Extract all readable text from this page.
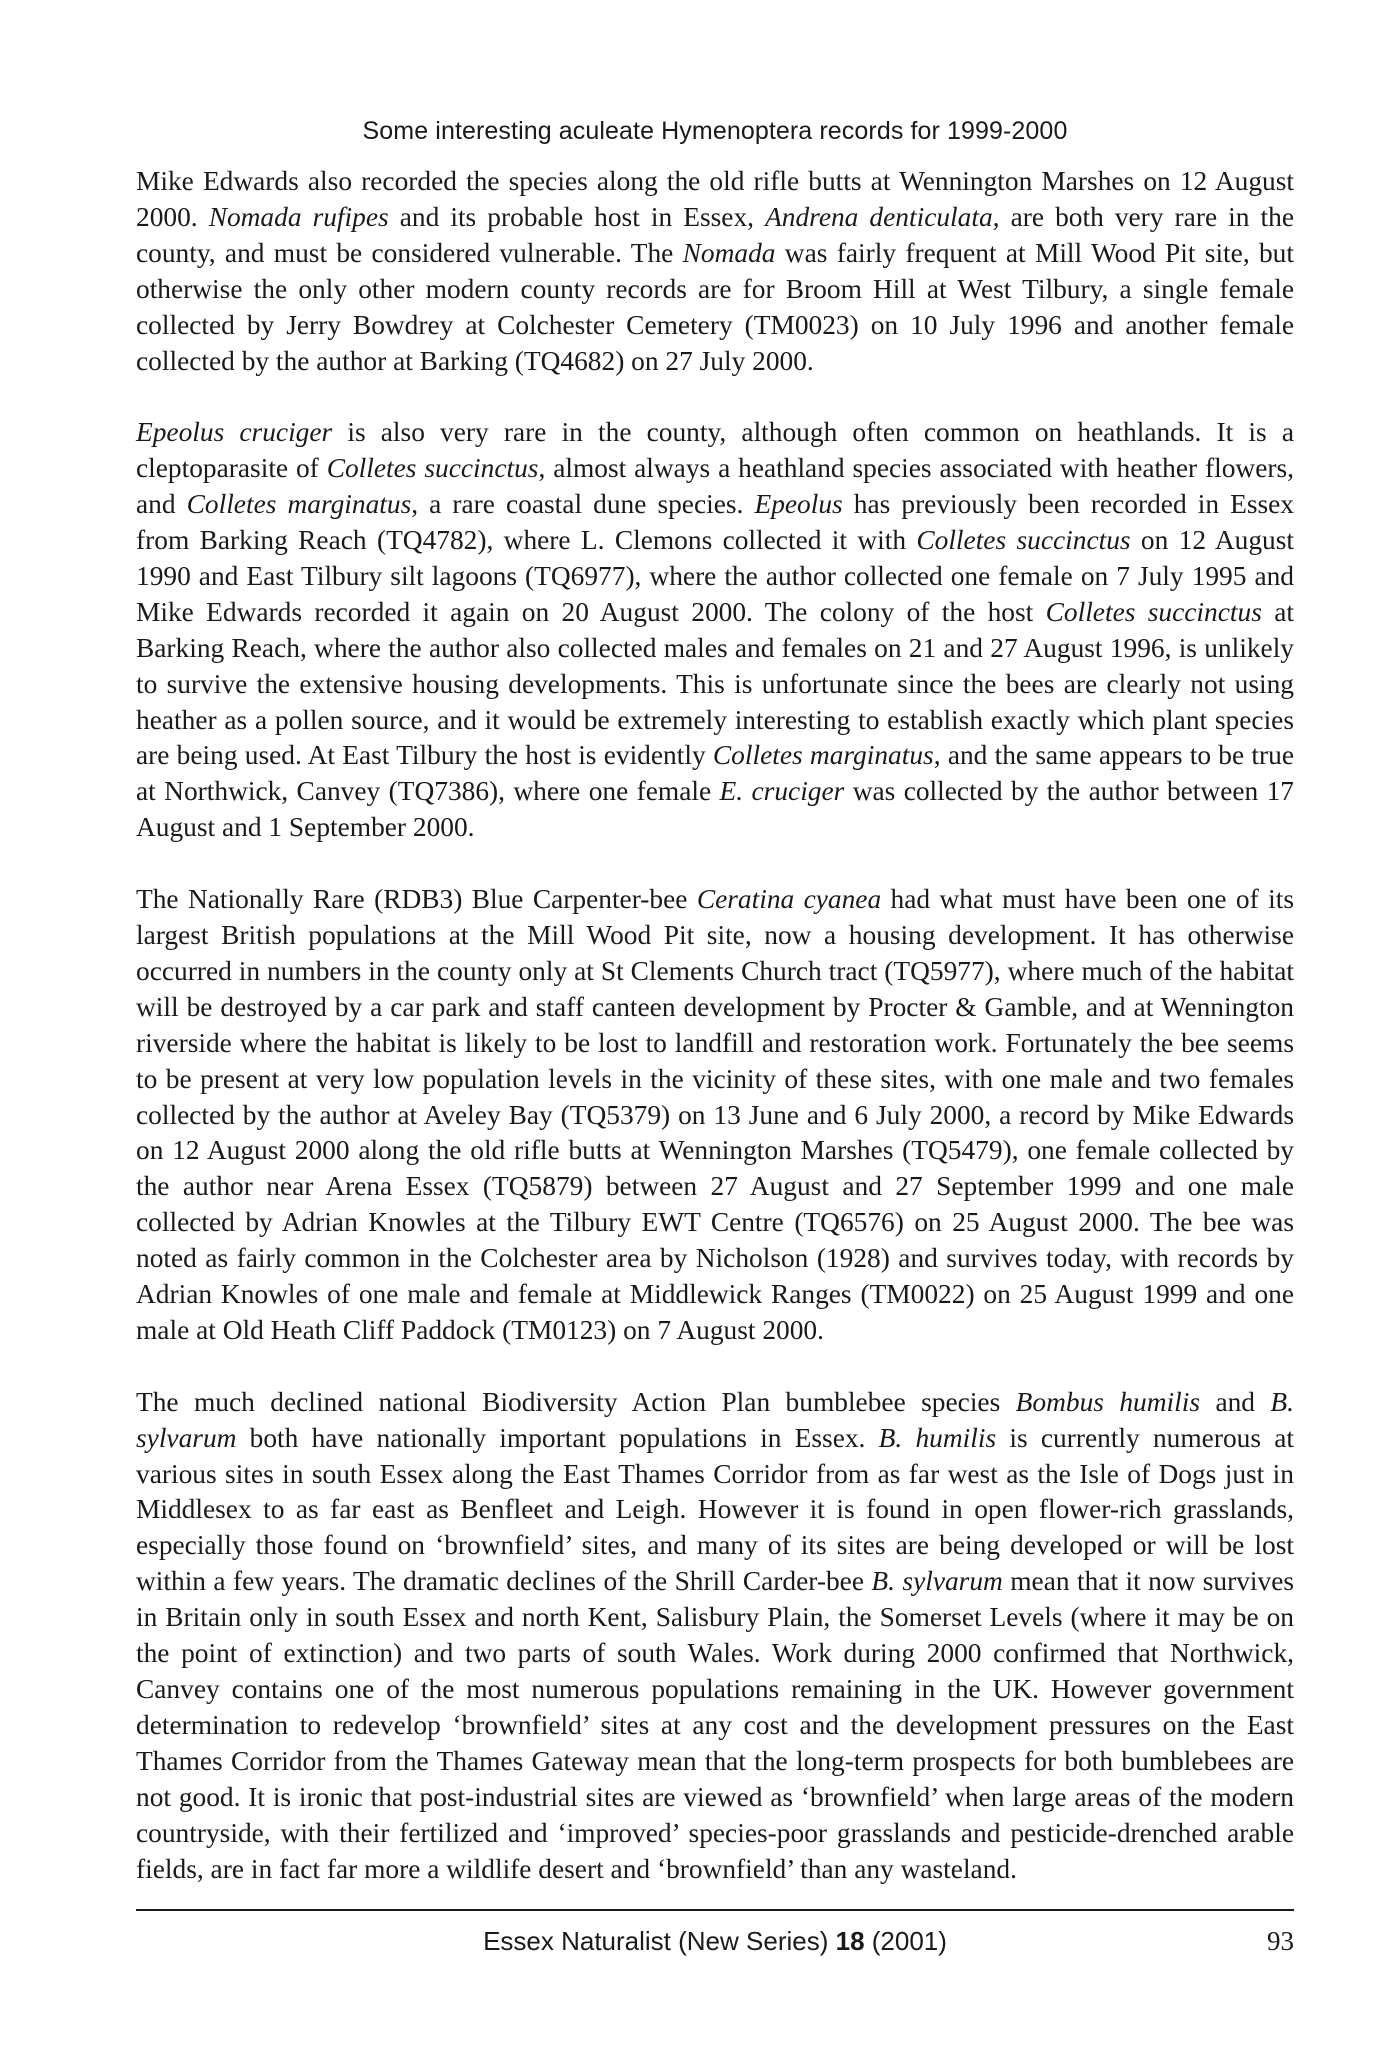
Some interesting aculeate Hymenoptera records for 1999-2000

Mike Edwards also recorded the species along the old rifle butts at Wennington Marshes on 12 August 2000. Nomada rufipes and its probable host in Essex, Andrena denticulata, are both very rare in the county, and must be considered vulnerable. The Nomada was fairly frequent at Mill Wood Pit site, but otherwise the only other modern county records are for Broom Hill at West Tilbury, a single female collected by Jerry Bowdrey at Colchester Cemetery (TM0023) on 10 July 1996 and another female collected by the author at Barking (TQ4682) on 27 July 2000.

Epeolus cruciger is also very rare in the county, although often common on heathlands. It is a cleptoparasite of Colletes succinctus, almost always a heathland species associated with heather flowers, and Colletes marginatus, a rare coastal dune species. Epeolus has previously been recorded in Essex from Barking Reach (TQ4782), where L. Clemons collected it with Colletes succinctus on 12 August 1990 and East Tilbury silt lagoons (TQ6977), where the author collected one female on 7 July 1995 and Mike Edwards recorded it again on 20 August 2000. The colony of the host Colletes succinctus at Barking Reach, where the author also collected males and females on 21 and 27 August 1996, is unlikely to survive the extensive housing developments. This is unfortunate since the bees are clearly not using heather as a pollen source, and it would be extremely interesting to establish exactly which plant species are being used. At East Tilbury the host is evidently Colletes marginatus, and the same appears to be true at Northwick, Canvey (TQ7386), where one female E. cruciger was collected by the author between 17 August and 1 September 2000.

The Nationally Rare (RDB3) Blue Carpenter-bee Ceratina cyanea had what must have been one of its largest British populations at the Mill Wood Pit site, now a housing development. It has otherwise occurred in numbers in the county only at St Clements Church tract (TQ5977), where much of the habitat will be destroyed by a car park and staff canteen development by Procter & Gamble, and at Wennington riverside where the habitat is likely to be lost to landfill and restoration work. Fortunately the bee seems to be present at very low population levels in the vicinity of these sites, with one male and two females collected by the author at Aveley Bay (TQ5379) on 13 June and 6 July 2000, a record by Mike Edwards on 12 August 2000 along the old rifle butts at Wennington Marshes (TQ5479), one female collected by the author near Arena Essex (TQ5879) between 27 August and 27 September 1999 and one male collected by Adrian Knowles at the Tilbury EWT Centre (TQ6576) on 25 August 2000. The bee was noted as fairly common in the Colchester area by Nicholson (1928) and survives today, with records by Adrian Knowles of one male and female at Middlewick Ranges (TM0022) on 25 August 1999 and one male at Old Heath Cliff Paddock (TM0123) on 7 August 2000.

The much declined national Biodiversity Action Plan bumblebee species Bombus humilis and B. sylvarum both have nationally important populations in Essex. B. humilis is currently numerous at various sites in south Essex along the East Thames Corridor from as far west as the Isle of Dogs just in Middlesex to as far east as Benfleet and Leigh. However it is found in open flower-rich grasslands, especially those found on ‘brownfield’ sites, and many of its sites are being developed or will be lost within a few years. The dramatic declines of the Shrill Carder-bee B. sylvarum mean that it now survives in Britain only in south Essex and north Kent, Salisbury Plain, the Somerset Levels (where it may be on the point of extinction) and two parts of south Wales. Work during 2000 confirmed that Northwick, Canvey contains one of the most numerous populations remaining in the UK. However government determination to redevelop ‘brownfield’ sites at any cost and the development pressures on the East Thames Corridor from the Thames Gateway mean that the long-term prospects for both bumblebees are not good. It is ironic that post-industrial sites are viewed as ‘brownfield’ when large areas of the modern countryside, with their fertilized and ‘improved’ species-poor grasslands and pesticide-drenched arable fields, are in fact far more a wildlife desert and ‘brownfield’ than any wasteland.

Essex Naturalist (New Series) 18 (2001)	93
